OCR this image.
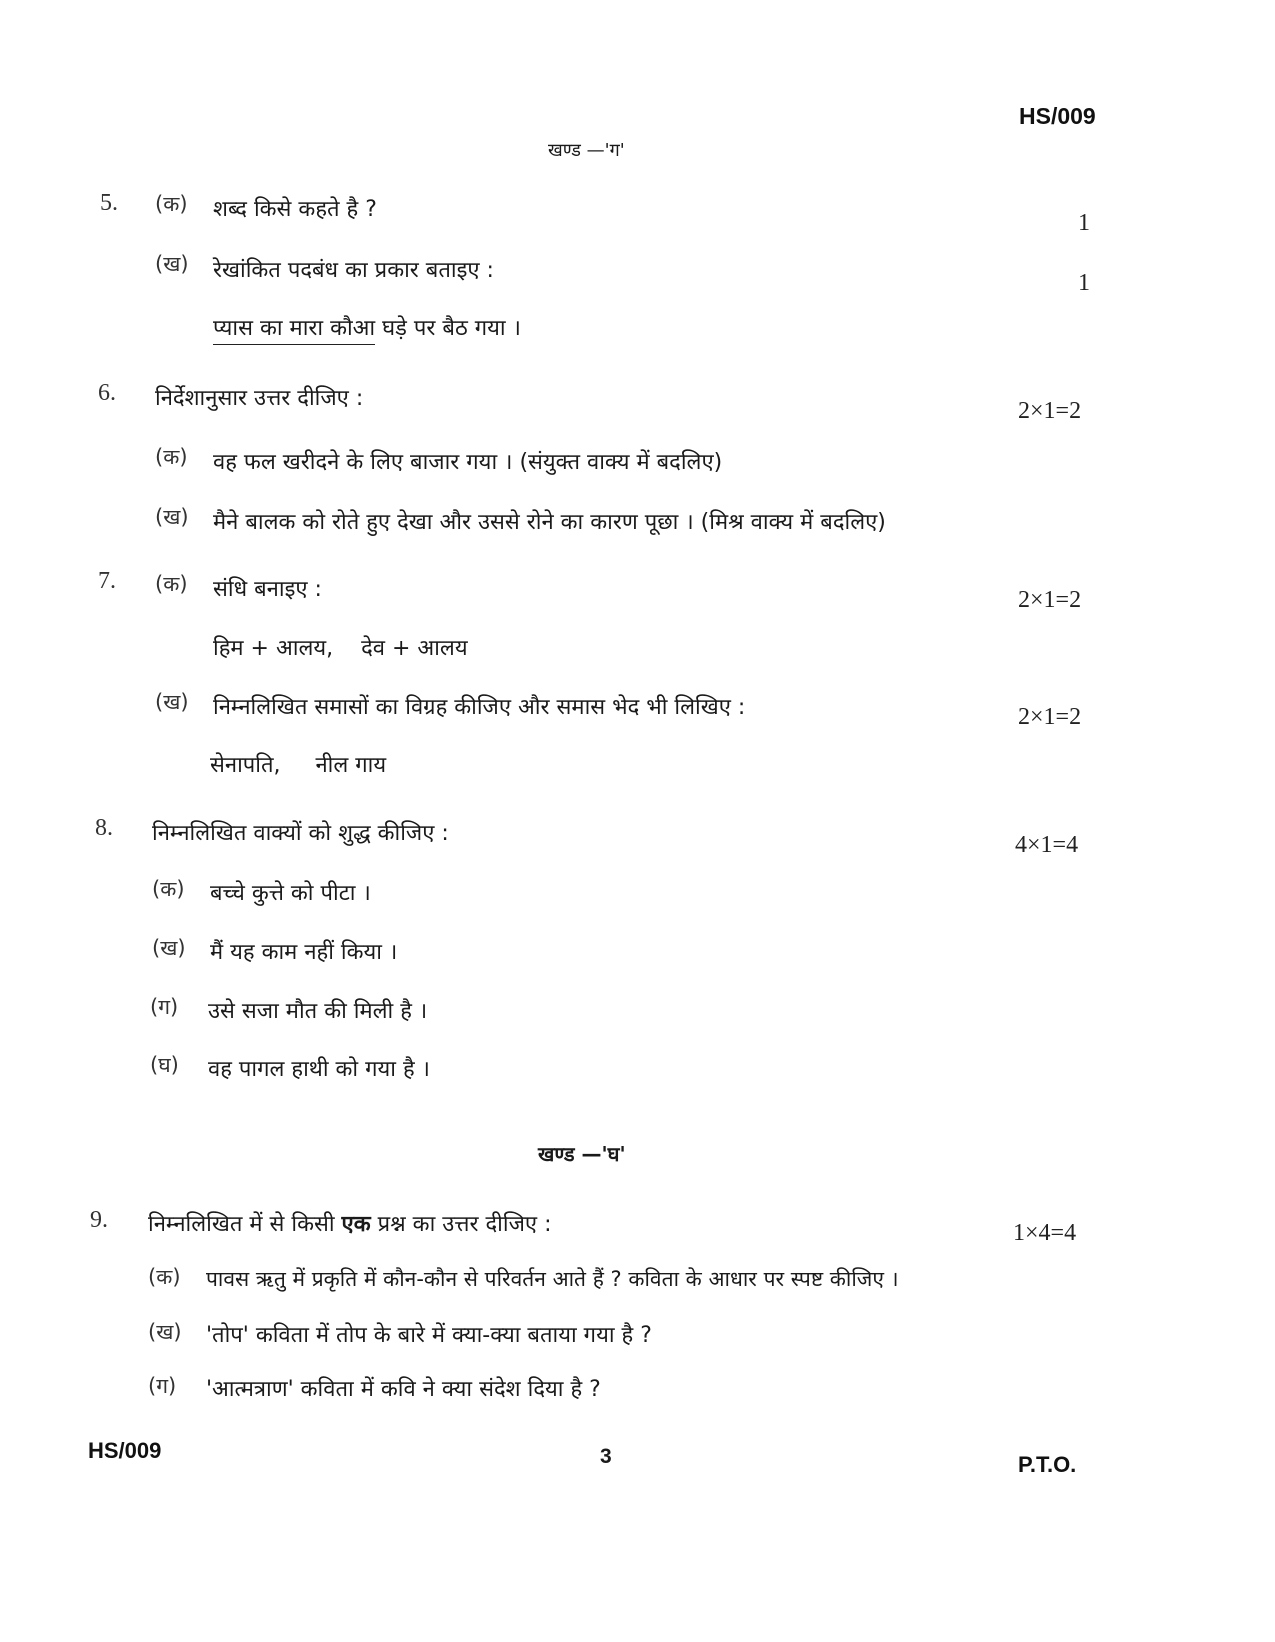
HS/009
खण्ड —'ग'
5. (क) शब्द किसे कहते है ?
1
(ख) रेखांकित पदबंध का प्रकार बताइए :	1
प्यास का मारा कौआ घड़े पर बैठ गया ।
6. निर्देशानुसार उत्तर दीजिए :	2×1=2
(क) वह फल खरीदने के लिए बाजार गया । (संयुक्त वाक्य में बदलिए)
(ख) मैने बालक को रोते हुए देखा और उससे रोने का कारण पूछा । (मिश्र वाक्य में बदलिए)
7. (क) संधि बनाइए :	2×1=2
हिम + आलय,    देव + आलय
(ख) निम्नलिखित समासों का विग्रह कीजिए और समास भेद भी लिखिए :	2×1=2
सेनापति,     नील गाय
8. निम्नलिखित वाक्यों को शुद्ध कीजिए :	4×1=4
(क) बच्चे कुत्ते को पीटा ।
(ख) मैं यह काम नहीं किया ।
(ग) उसे सजा मौत की मिली है ।
(घ) वह पागल हाथी को गया है ।
खण्ड —'घ'
9. निम्नलिखित में से किसी एक प्रश्न का उत्तर दीजिए :	1×4=4
(क) पावस ऋतु में प्रकृति में कौन-कौन से परिवर्तन आते हैं ? कविता के आधार पर स्पष्ट कीजिए ।
(ख) 'तोप' कविता में तोप के बारे में क्या-क्या बताया गया है ?
(ग) 'आत्मत्राण' कविता में कवि ने क्या संदेश दिया है ?
HS/009	3	P.T.O.
